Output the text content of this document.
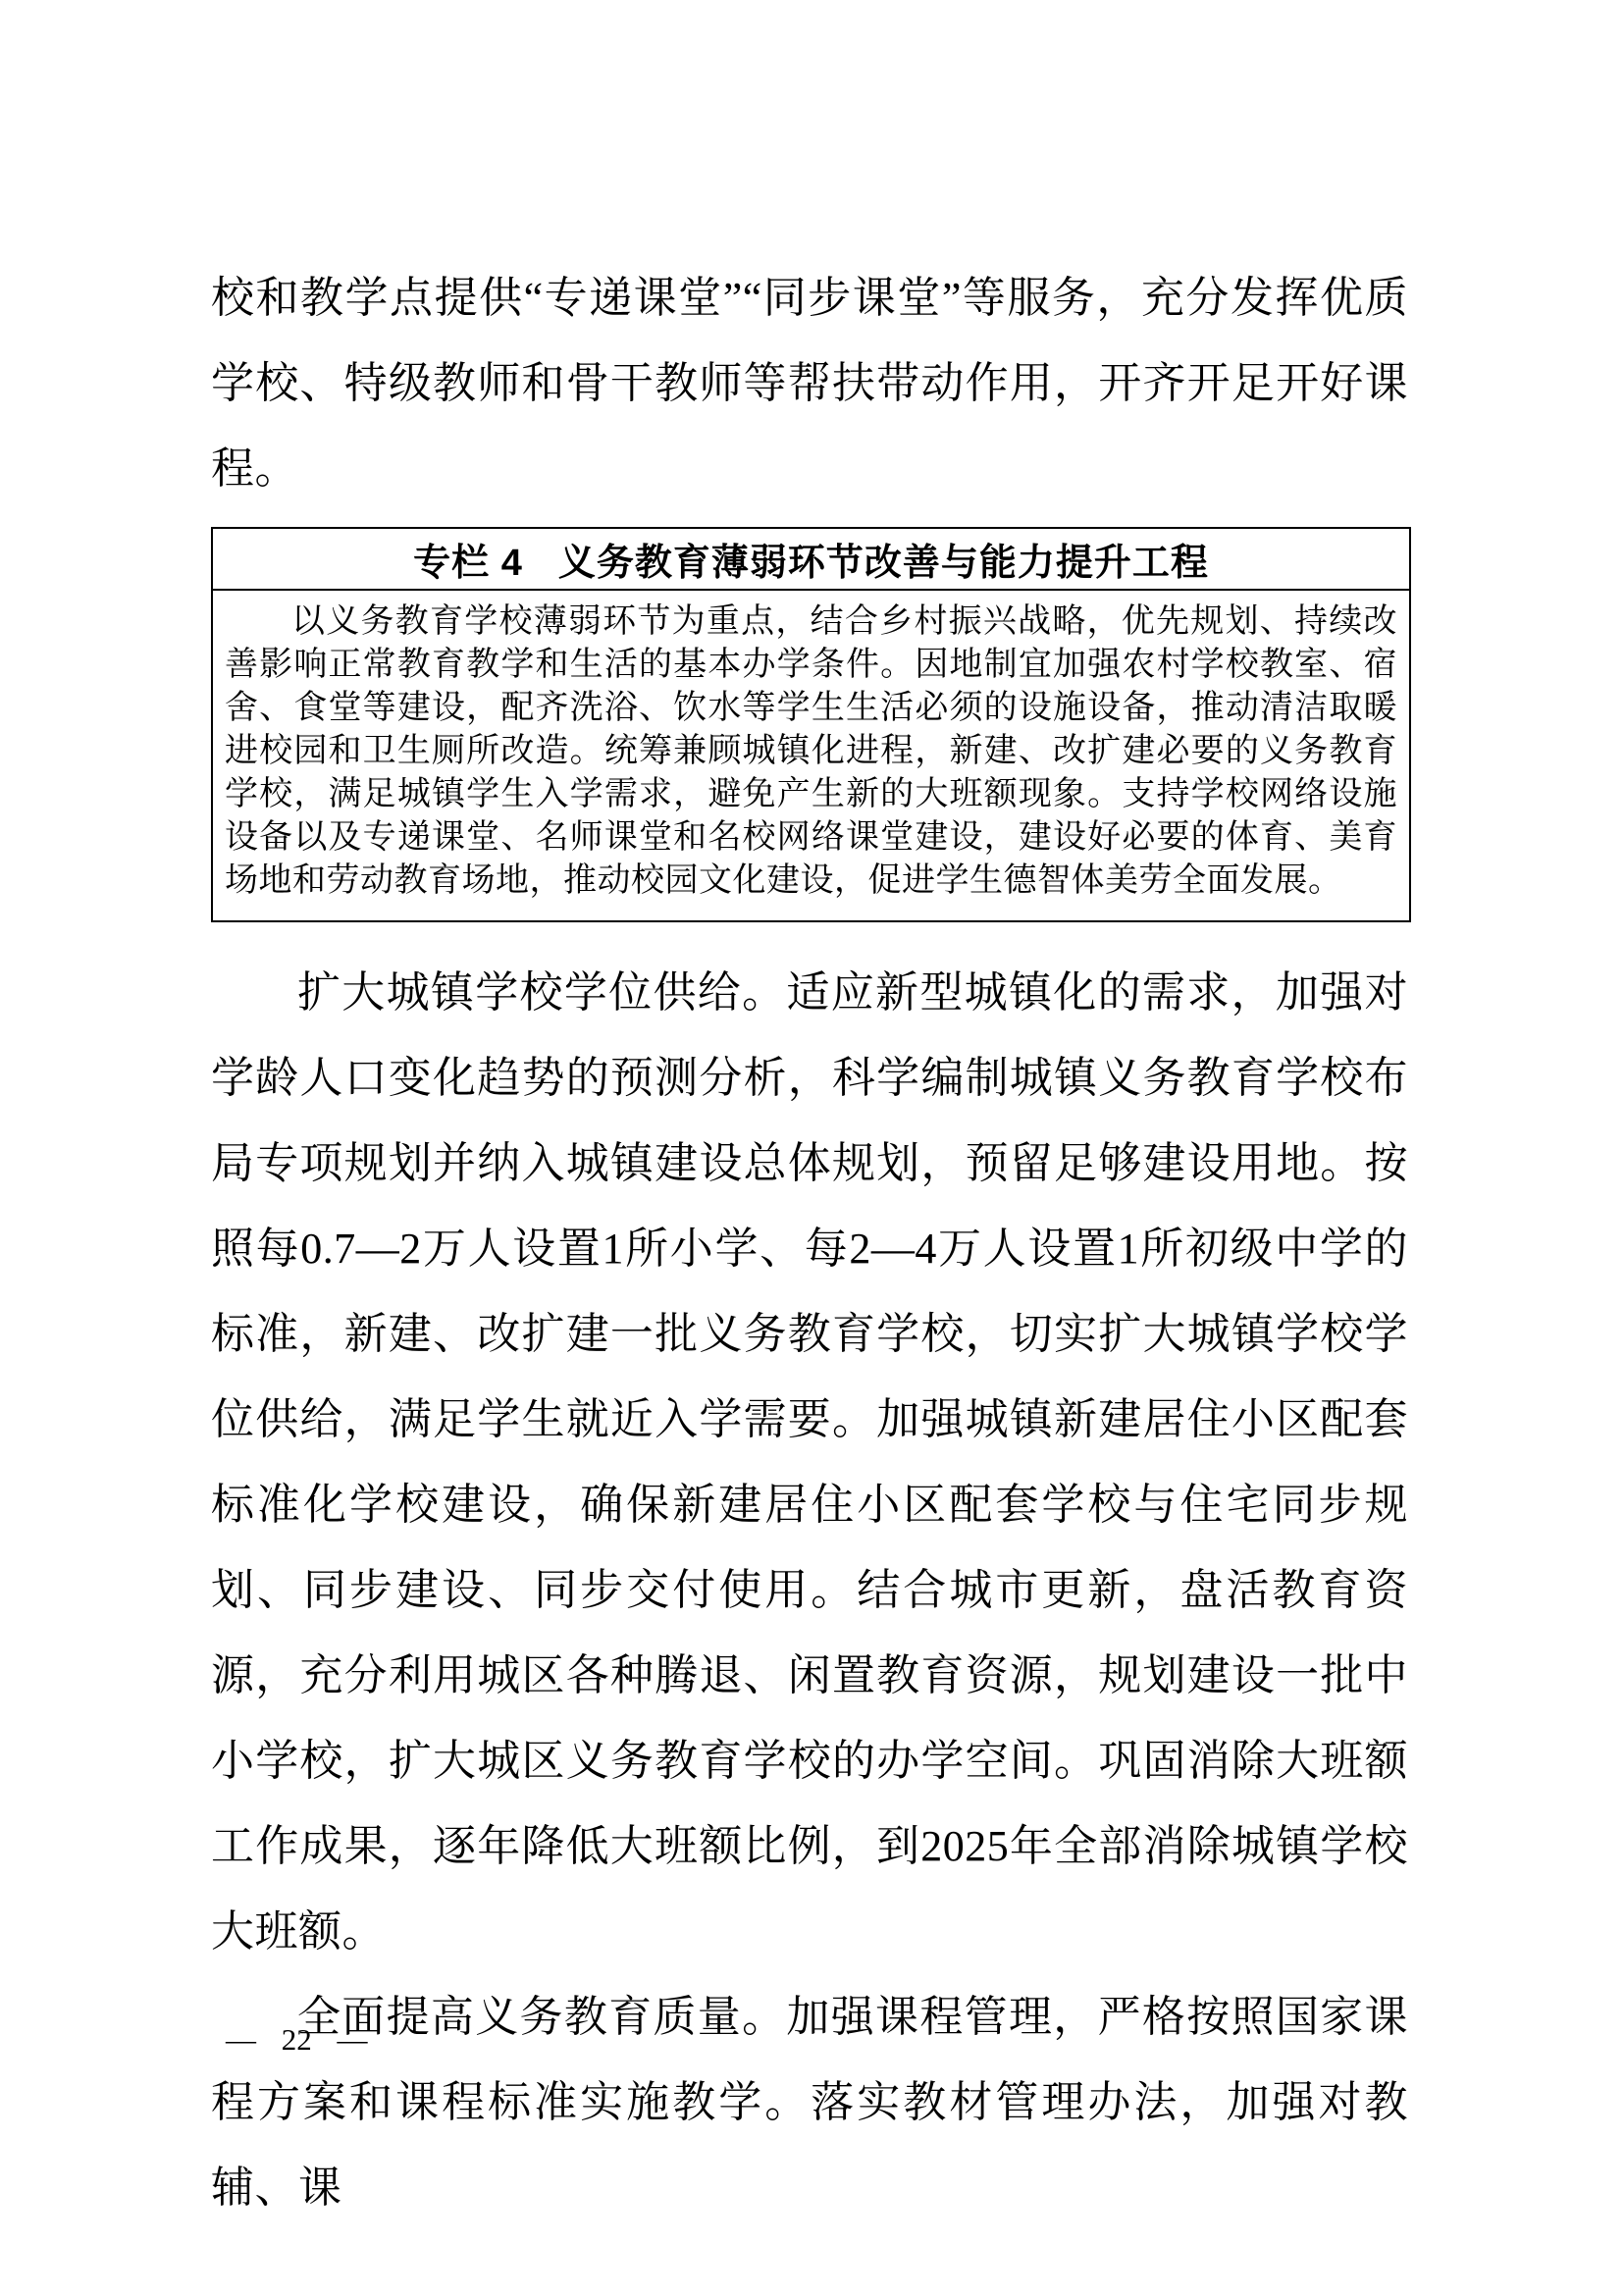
校和教学点提供“专递课堂”“同步课堂”等服务，充分发挥优质学校、特级教师和骨干教师等帮扶带动作用，开齐开足开好课程。

专栏 4 义务教育薄弱环节改善与能力提升工程
以义务教育学校薄弱环节为重点，结合乡村振兴战略，优先规划、持续改善影响正常教育教学和生活的基本办学条件。因地制宜加强农村学校教室、宿舍、食堂等建设，配齐洗浴、饮水等学生生活必须的设施设备，推动清洁取暖进校园和卫生厕所改造。统筹兼顾城镇化进程，新建、改扩建必要的义务教育学校，满足城镇学生入学需求，避免产生新的大班额现象。支持学校网络设施设备以及专递课堂、名师课堂和名校网络课堂建设，建设好必要的体育、美育场地和劳动教育场地，推动校园文化建设，促进学生德智体美劳全面发展。

扩大城镇学校学位供给。适应新型城镇化的需求，加强对学龄人口变化趋势的预测分析，科学编制城镇义务教育学校布局专项规划并纳入城镇建设总体规划，预留足够建设用地。按照每0.7—2万人设置1所小学、每2—4万人设置1所初级中学的标准，新建、改扩建一批义务教育学校，切实扩大城镇学校学位供给，满足学生就近入学需要。加强城镇新建居住小区配套标准化学校建设，确保新建居住小区配套学校与住宅同步规划、同步建设、同步交付使用。结合城市更新，盘活教育资源，充分利用城区各种腾退、闲置教育资源，规划建设一批中小学校，扩大城区义务教育学校的办学空间。巩固消除大班额工作成果，逐年降低大班额比例，到2025年全部消除城镇学校大班额。

全面提高义务教育质量。加强课程管理，严格按照国家课程方案和课程标准实施教学。落实教材管理办法，加强对教辅、课

— 22 —
